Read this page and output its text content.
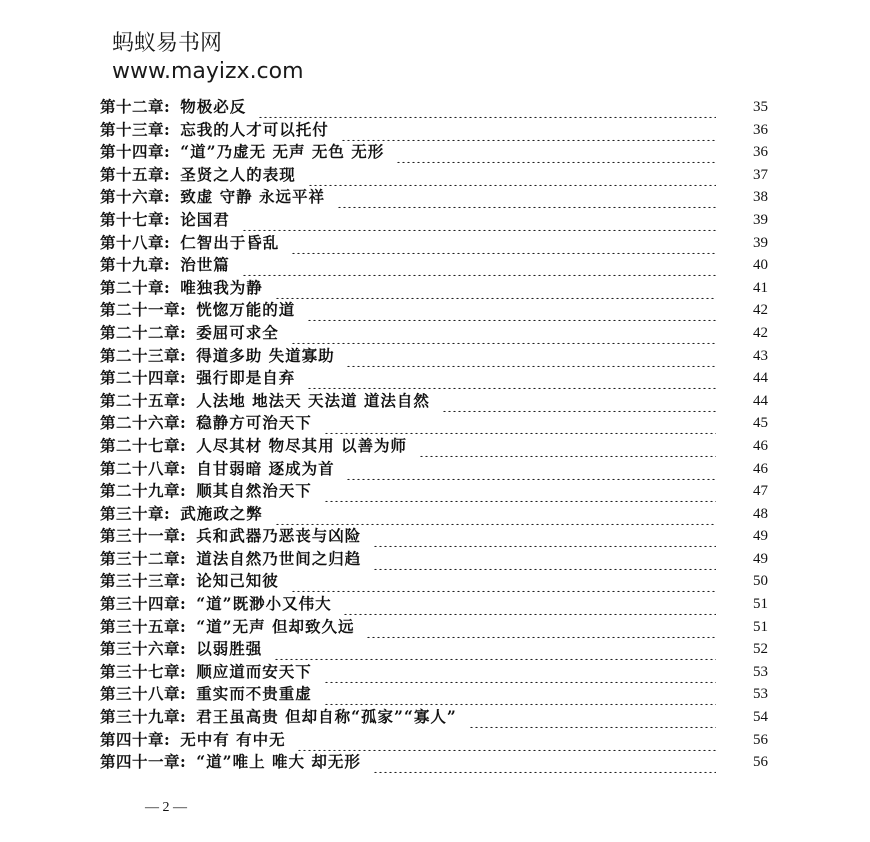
蚂蚁易书网
www.mayizx.com
第十二章: 物极必反	35
第十三章: 忘我的人才可以托付	36
第十四章: “道”乃虚无 无声 无色 无形	36
第十五章: 圣贤之人的表现	37
第十六章: 致虚 守静 永远平祥	38
第十七章: 论国君	39
第十八章: 仁智出于昏乱	39
第十九章: 治世篇	40
第二十章: 唯独我为静	41
第二十一章: 恍惚万能的道	42
第二十二章: 委屈可求全	42
第二十三章: 得道多助 失道寡助	43
第二十四章: 强行即是自弃	44
第二十五章: 人法地 地法天 天法道 道法自然	44
第二十六章: 稳静方可治天下	45
第二十七章: 人尽其材 物尽其用 以善为师	46
第二十八章: 自甘弱暗 逐成为首	46
第二十九章: 顺其自然治天下	47
第三十章: 武施政之弊	48
第三十一章: 兵和武器乃恶丧与凶险	49
第三十二章: 道法自然乃世间之归趋	49
第三十三章: 论知己知彼	50
第三十四章: “道”既渺小又伟大	51
第三十五章: “道”无声 但却致久远	51
第三十六章: 以弱胜强	52
第三十七章: 顺应道而安天下	53
第三十八章: 重实而不贵重虚	53
第三十九章: 君王虽高贵 但却自称“孤家”“寡人”	54
第四十章: 无中有 有中无	56
第四十一章: “道”唯上 唯大 却无形	56
— 2 —
